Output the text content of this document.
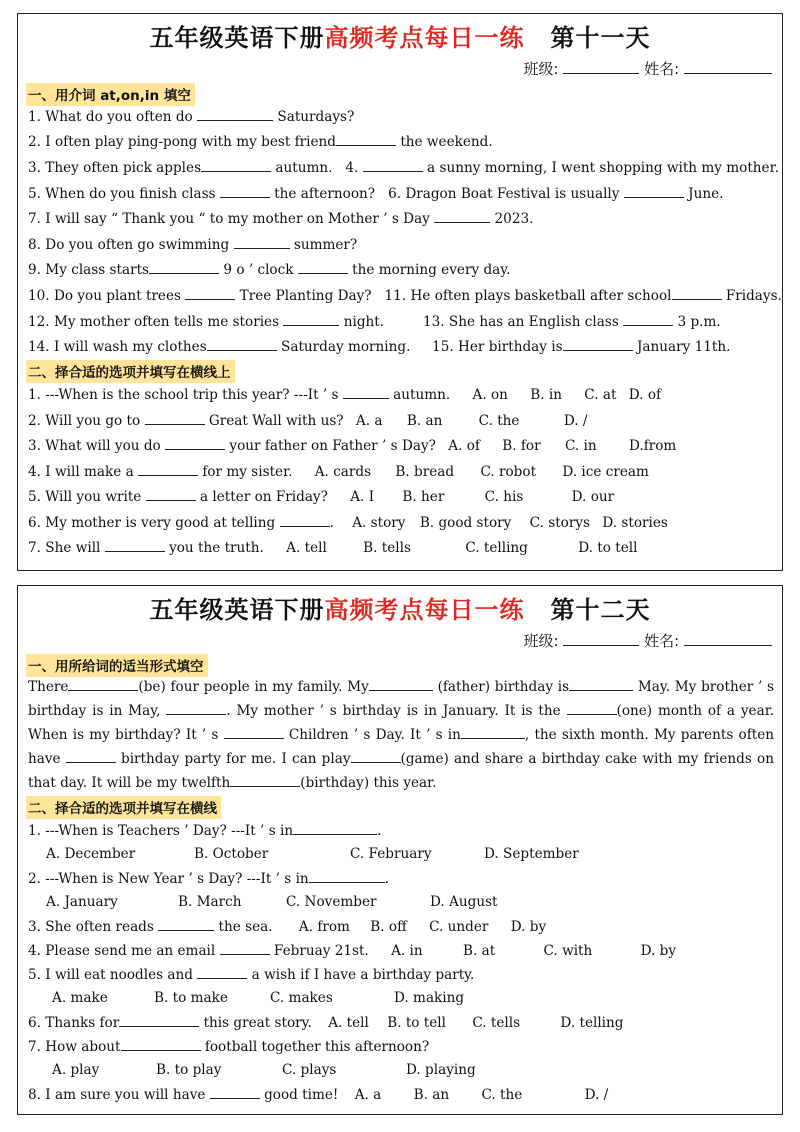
五年级英语下册高频考点每日一练 第十一天
班级:	姓名:
一、用介词 at,on,in 填空
1. What do you often do	Saturdays?
2. I often play ping-pong with my best friend	the weekend.
3. They often pick apples	autumn. 4.	a sunny morning, I went shopping with my mother.
5. When do you finish class	the afternoon? 6. Dragon Boat Festival is usually	June.
7. I will say “ Thank you “ to my mother on Mother ’ s Day	2023.
8. Do you often go swimming	summer?
9. My class starts	9 o ’ clock	the morning every day.
10. Do you plant trees	Tree Planting Day? 11. He often plays basketball after school	Fridays.
12. My mother often tells me stories	night.	13. She has an English class	3 p.m.
14. I will wash my clothes	Saturday morning. 15. Her birthday is	January 11th.
二、择合适的选项并填写在横线上
1. ---When is the school trip this year? ---It ’ s	autumn. A. on B. in C. at D. of
2. Will you go to	Great Wall with us? A. a B. an	C. the	D. /
3. What will you do	your father on Father ’ s Day? A. of B. for C. in D.from
4. I will make a	for my sister. A. cards B. bread C. robot D. ice cream
5. Will you write	a letter on Friday? A. I B. her	C. his	D. our
6. My mother is very good at telling	. A. story B. good story C. storys D. stories
7. She will	you the truth. A. tell	B. tells	C. telling	D. to tell
五年级英语下册高频考点每日一练 第十二天
班级:	姓名:
一、用所给词的适当形式填空
There	(be) four people in my family. My	(father) birthday is	May. My brother ’ s birthday is in May,	. My mother ’ s birthday is in January. It is the	(one) month of a year. When is my birthday? It ’ s	Children ’ s Day. It ’ s in	, the sixth month. My parents often have	birthday party for me. I can play	(game) and share a birthday cake with my friends on that day. It will be my twelfth	(birthday) this year.
二、择合适的选项并填写在横线
1. ---When is Teachers ’ Day? ---It ’ s in	.
A. December	B. October	C. February	D. September
2. ---When is New Year ’ s Day? ---It ’ s in	.
A. January	B. March	C. November	D. August
3. She often reads	the sea. A. from B. off C. under D. by
4. Please send me an email	Februay 21st. A. in	B. at	C. with	D. by
5. I will eat noodles and	a wish if I have a birthday party.
A. make	B. to make	C. makes	D. making
6. Thanks for	this great story. A. tell B. to tell C. tells	D. telling
7. How about	football together this afternoon?
A. play	B. to play	C. plays	D. playing
8. I am sure you will have	good time! A. a B. an C. the	D. /
